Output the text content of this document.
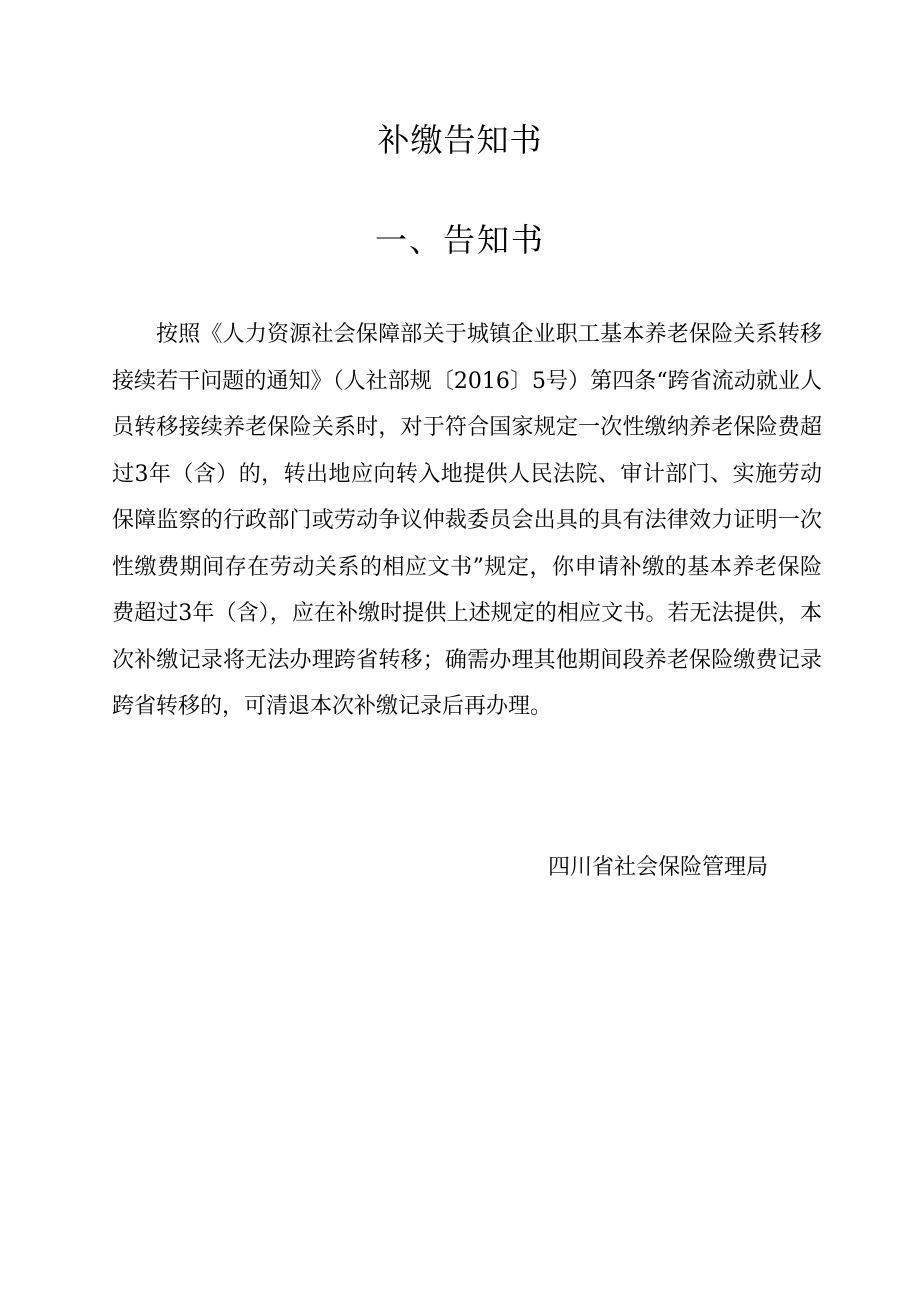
补缴告知书
一、告知书

按照《人力资源社会保障部关于城镇企业职工基本养老保险关系转移接续若干问题的通知》（人社部规〔2016〕5号）第四条“跨省流动就业人员转移接续养老保险关系时，对于符合国家规定一次性缴纳养老保险费超过3年（含）的，转出地应向转入地提供人民法院、审计部门、实施劳动保障监察的行政部门或劳动争议仲裁委员会出具的具有法律效力证明一次性缴费期间存在劳动关系的相应文书”规定，你申请补缴的基本养老保险费超过3年（含），应在补缴时提供上述规定的相应文书。若无法提供，本次补缴记录将无法办理跨省转移；确需办理其他期间段养老保险缴费记录跨省转移的，可清退本次补缴记录后再办理。

四川省社会保险管理局
